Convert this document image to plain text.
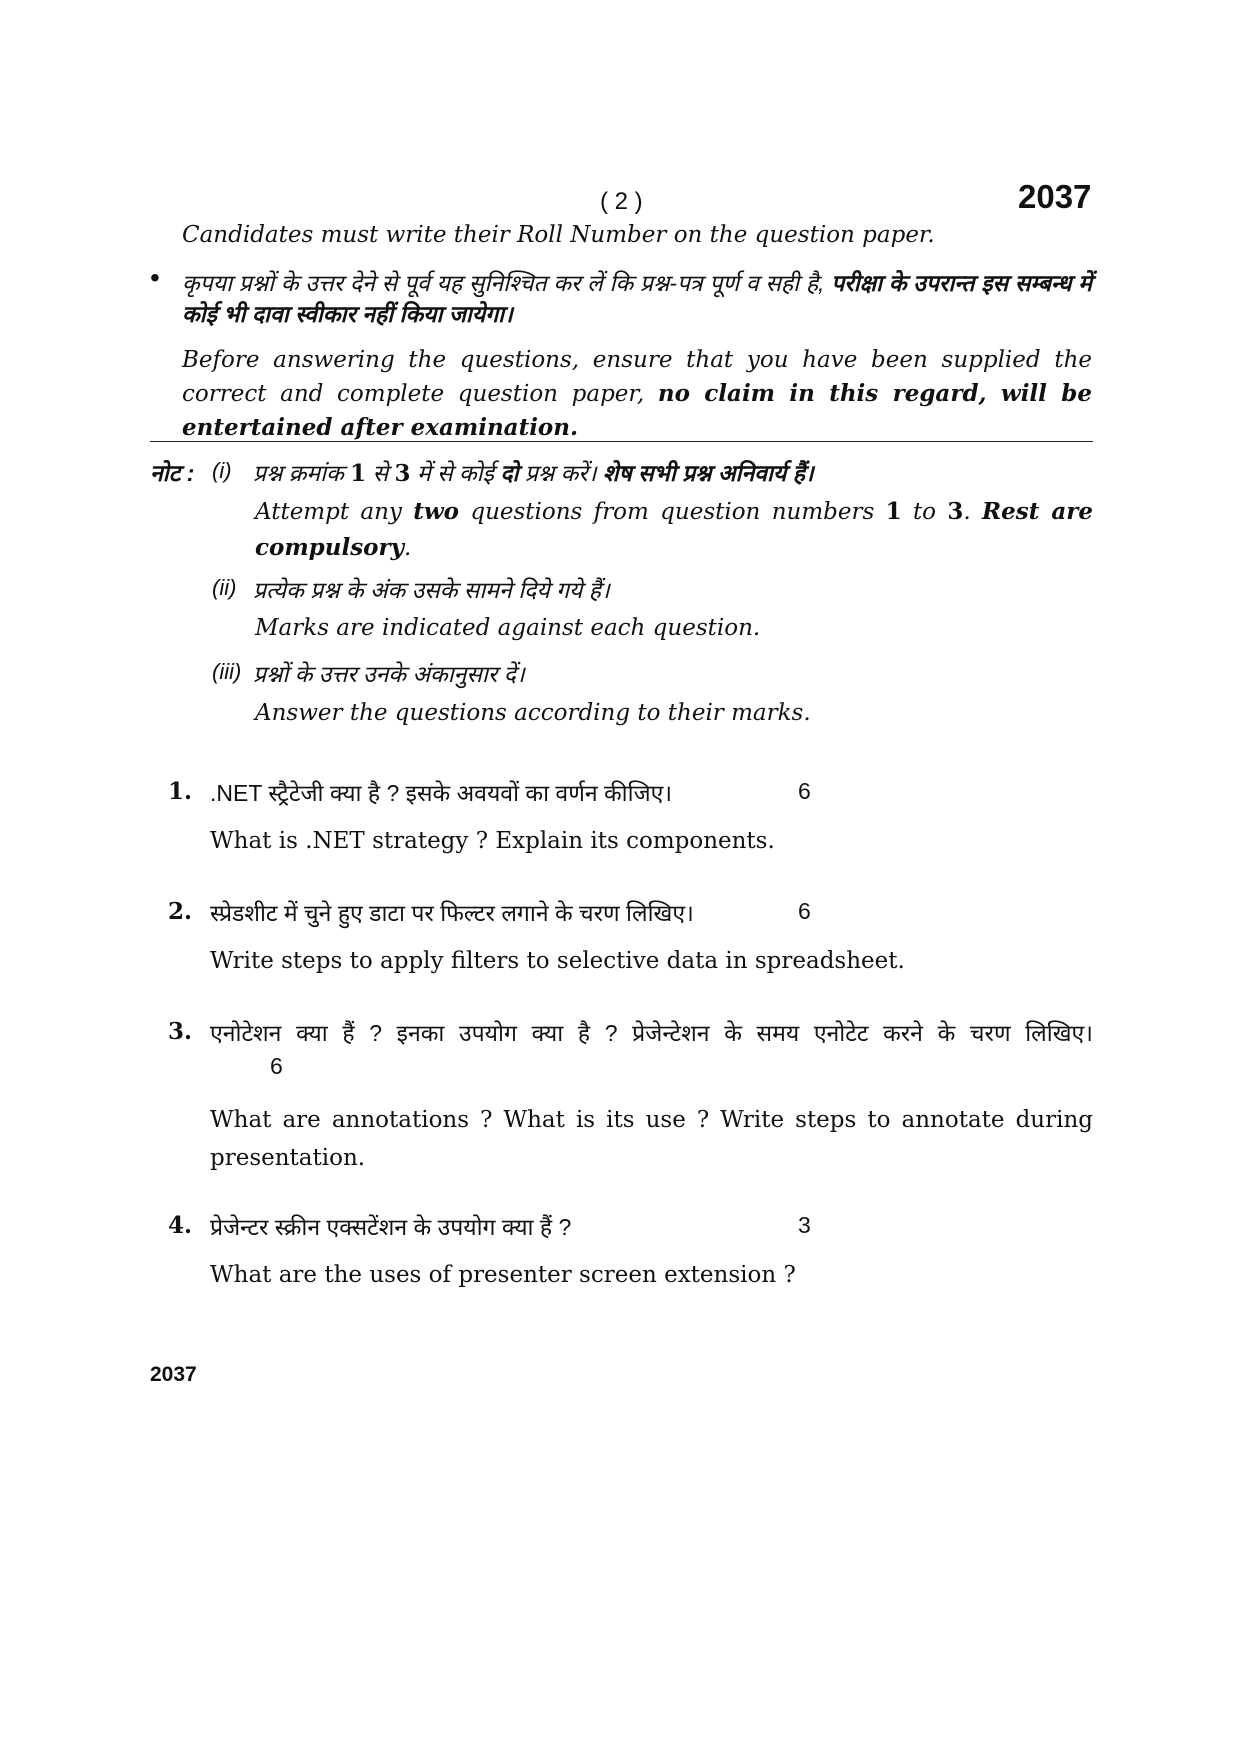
( 2 )	2037
Candidates must write their Roll Number on the question paper.
• कृपया प्रश्नों के उत्तर देने से पूर्व यह सुनिश्चित कर लें कि प्रश्न-पत्र पूर्ण व सही है, परीक्षा के उपरान्त इस सम्बन्ध में कोई भी दावा स्वीकार नहीं किया जायेगा।
Before answering the questions, ensure that you have been supplied the correct and complete question paper, no claim in this regard, will be entertained after examination.
नोट : (i) प्रश्न क्रमांक 1 से 3 में से कोई दो प्रश्न करें। शेष सभी प्रश्न अनिवार्य हैं।
Attempt any two questions from question numbers 1 to 3. Rest are compulsory.
(ii) प्रत्येक प्रश्न के अंक उसके सामने दिये गये हैं।
Marks are indicated against each question.
(iii) प्रश्नों के उत्तर उनके अंकानुसार दें।
Answer the questions according to their marks.
1. .NET स्ट्रैटेजी क्या है ? इसके अवयवों का वर्णन कीजिए।	6
What is .NET strategy ? Explain its components.
2. स्प्रेडशीट में चुने हुए डाटा पर फिल्टर लगाने के चरण लिखिए।	6
Write steps to apply filters to selective data in spreadsheet.
3. एनोटेशन क्या हैं ? इनका उपयोग क्या है ? प्रेजेन्टेशन के समय एनोटेट करने के चरण लिखिए।
6
What are annotations ? What is its use ? Write steps to annotate during presentation.
4. प्रेजेन्टर स्क्रीन एक्सटेंशन के उपयोग क्या हैं ?	3
What are the uses of presenter screen extension ?
2037
